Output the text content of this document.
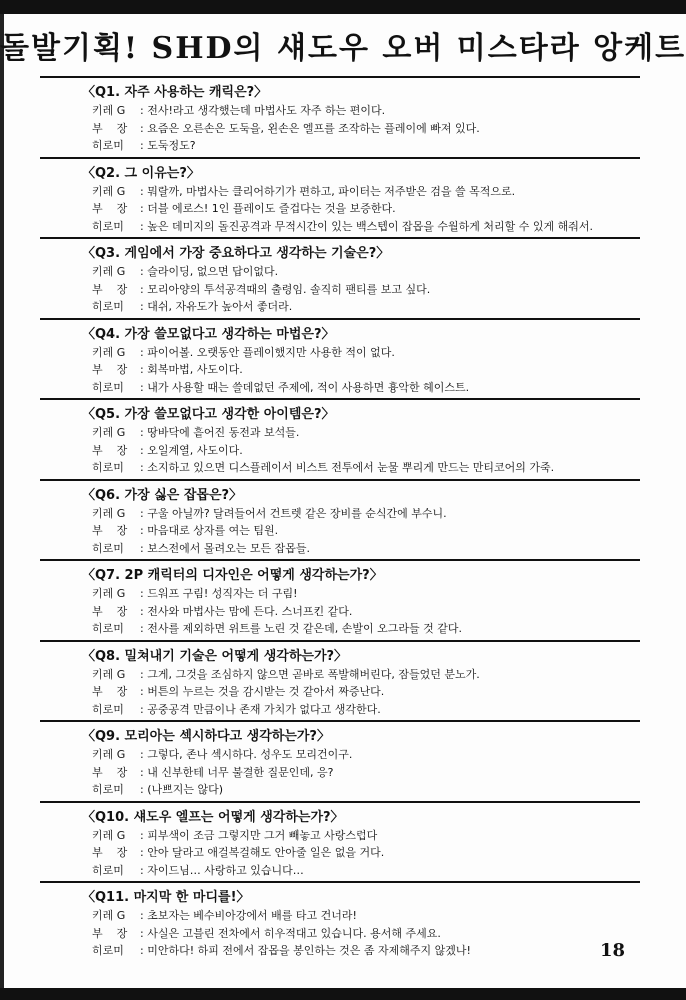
돌발기획! SHD의 섀도우 오버 미스타라 앙케트
〈Q1. 자주 사용하는 캐릭은?〉
키레 G : 전사!라고 생각했는데 마법사도 자주 하는 편이다.
부    장 : 요즘은 오른손은 도둑을, 왼손은 엘프를 조작하는 플레이에 빠져 있다.
히로미 : 도둑정도?
〈Q2. 그 이유는?〉
키레 G : 뭐랄까, 마법사는 클리어하기가 편하고, 파이터는 저주받은 검을 쓸 목적으로.
부    장 : 더블 에로스! 1인 플레이도 즐겁다는 것을 보증한다.
히로미 : 높은 데미지의 돌진공격과 무적시간이 있는 백스텝이 잡몹을 수월하게 처리할 수 있게 해줘서.
〈Q3. 게임에서 가장 중요하다고 생각하는 기술은?〉
키레 G : 슬라이딩, 없으면 답이없다.
부    장 : 모리아양의 투석공격때의 출령임. 솔직히 팬티를 보고 싶다.
히로미 : 대쉬, 자유도가 높아서 좋더라.
〈Q4. 가장 쓸모없다고 생각하는 마법은?〉
키레 G : 파이어볼. 오랫동안 플레이했지만 사용한 적이 없다.
부    장 : 회복마법, 사도이다.
히로미 : 내가 사용할 때는 쓸데없던 주제에, 적이 사용하면 흉악한 헤이스트.
〈Q5. 가장 쓸모없다고 생각한 아이템은?〉
키레 G : 땅바닥에 흩어진 동전과 보석들.
부    장 : 오일계열, 사도이다.
히로미 : 소지하고 있으면 디스플레이서 비스트 전투에서 눈물 뿌리게 만드는 만티코어의 가죽.
〈Q6. 가장 싫은 잡몹은?〉
키레 G : 구울 아닐까? 달려들어서 건트렛 같은 장비를 순식간에 부수니.
부    장 : 마음대로 상자를 여는 팀원.
히로미 : 보스전에서 몰려오는 모든 잡몹들.
〈Q7. 2P 캐릭터의 디자인은 어떻게 생각하는가?〉
키레 G : 드워프 구림! 성직자는 더 구림!
부    장 : 전사와 마법사는 맘에 든다. 스너프킨 같다.
히로미 : 전사를 제외하면 위트를 노린 것 같은데, 손발이 오그라들 것 같다.
〈Q8. 밀쳐내기 기술은 어떻게 생각하는가?〉
키레 G : 그게, 그것을 조심하지 않으면 곧바로 폭발해버린다, 잠들었던 분노가.
부    장 : 버튼의 누르는 것을 감시받는 것 같아서 짜증난다.
히로미 : 공중공격 만큼이나 존재 가치가 없다고 생각한다.
〈Q9. 모리아는 섹시하다고 생각하는가?〉
키레 G : 그렇다, 존나 섹시하다. 성우도 모리건이구.
부    장 : 내 신부한테 너무 불결한 질문인데, 응?
히로미 : (나쁘지는 않다)
〈Q10. 섀도우 엘프는 어떻게 생각하는가?〉
키레 G : 피부색이 조금 그렇지만 그거 빼놓고 사랑스럽다
부    장 : 안아 달라고 애걸복걸해도 안아줄 일은 없을 거다.
히로미 : 자이드님… 사랑하고 있습니다…
〈Q11. 마지막 한 마디를!〉
키레 G : 초보자는 베수비아강에서 배를 타고 건너라!
부    장 : 사실은 고블린 전차에서 히우적대고 있습니다. 용서해 주세요.
히로미 : 미안하다! 하피 전에서 잡몹을 봉인하는 것은 좀 자제해주지 않겠나!	18
